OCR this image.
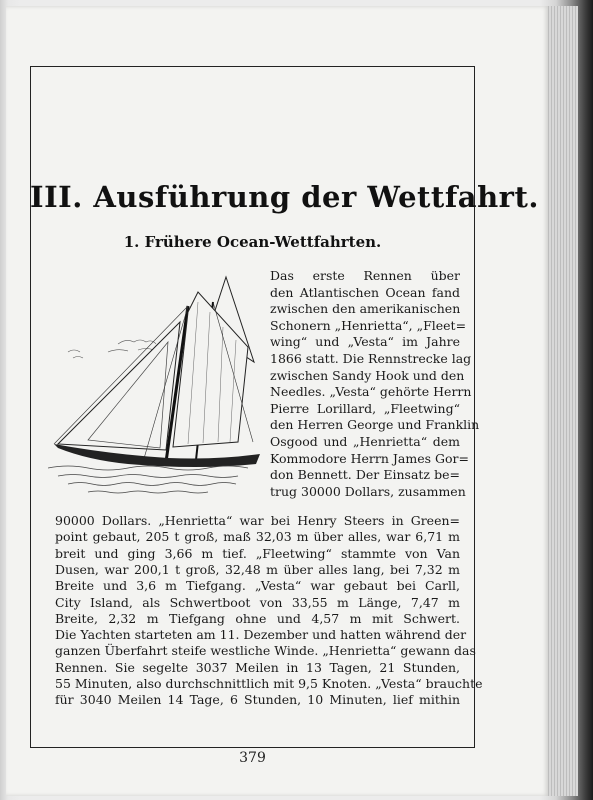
III. Ausführung der Wettfahrt.
1. Frühere Ocean-Wettfahrten.
379
Das erste Rennen über
den Atlantischen Ocean fand
zwischen den amerikanischen
Schonern „Henrietta“, „Fleet=
wing“ und „Vesta“ im Jahre
1866 statt. Die Rennstrecke lag
zwischen Sandy Hook und den
Needles. „Vesta“ gehörte Herrn
Pierre Lorillard, „Fleetwing“
den Herren George und Franklin
Osgood und „Henrietta“ dem
Kommodore Herrn James Gor=
don Bennett. Der Einsatz be=
trug 30000 Dollars, zusammen
90000 Dollars. „Henrietta“ war bei Henry Steers in Green=
point gebaut, 205 t groß, maß 32,03 m über alles, war 6,71 m
breit und ging 3,66 m tief. „Fleetwing“ stammte von Van
Dusen, war 200,1 t groß, 32,48 m über alles lang, bei 7,32 m
Breite und 3,6 m Tiefgang. „Vesta“ war gebaut bei Carll,
City Island, als Schwertboot von 33,55 m Länge, 7,47 m
Breite, 2,32 m Tiefgang ohne und 4,57 m mit Schwert.
Die Yachten starteten am 11. Dezember und hatten während der
ganzen Überfahrt steife westliche Winde. „Henrietta“ gewann das
Rennen. Sie segelte 3037 Meilen in 13 Tagen, 21 Stunden,
55 Minuten, also durchschnittlich mit 9,5 Knoten. „Vesta“ brauchte
für 3040 Meilen 14 Tage, 6 Stunden, 10 Minuten, lief mithin
